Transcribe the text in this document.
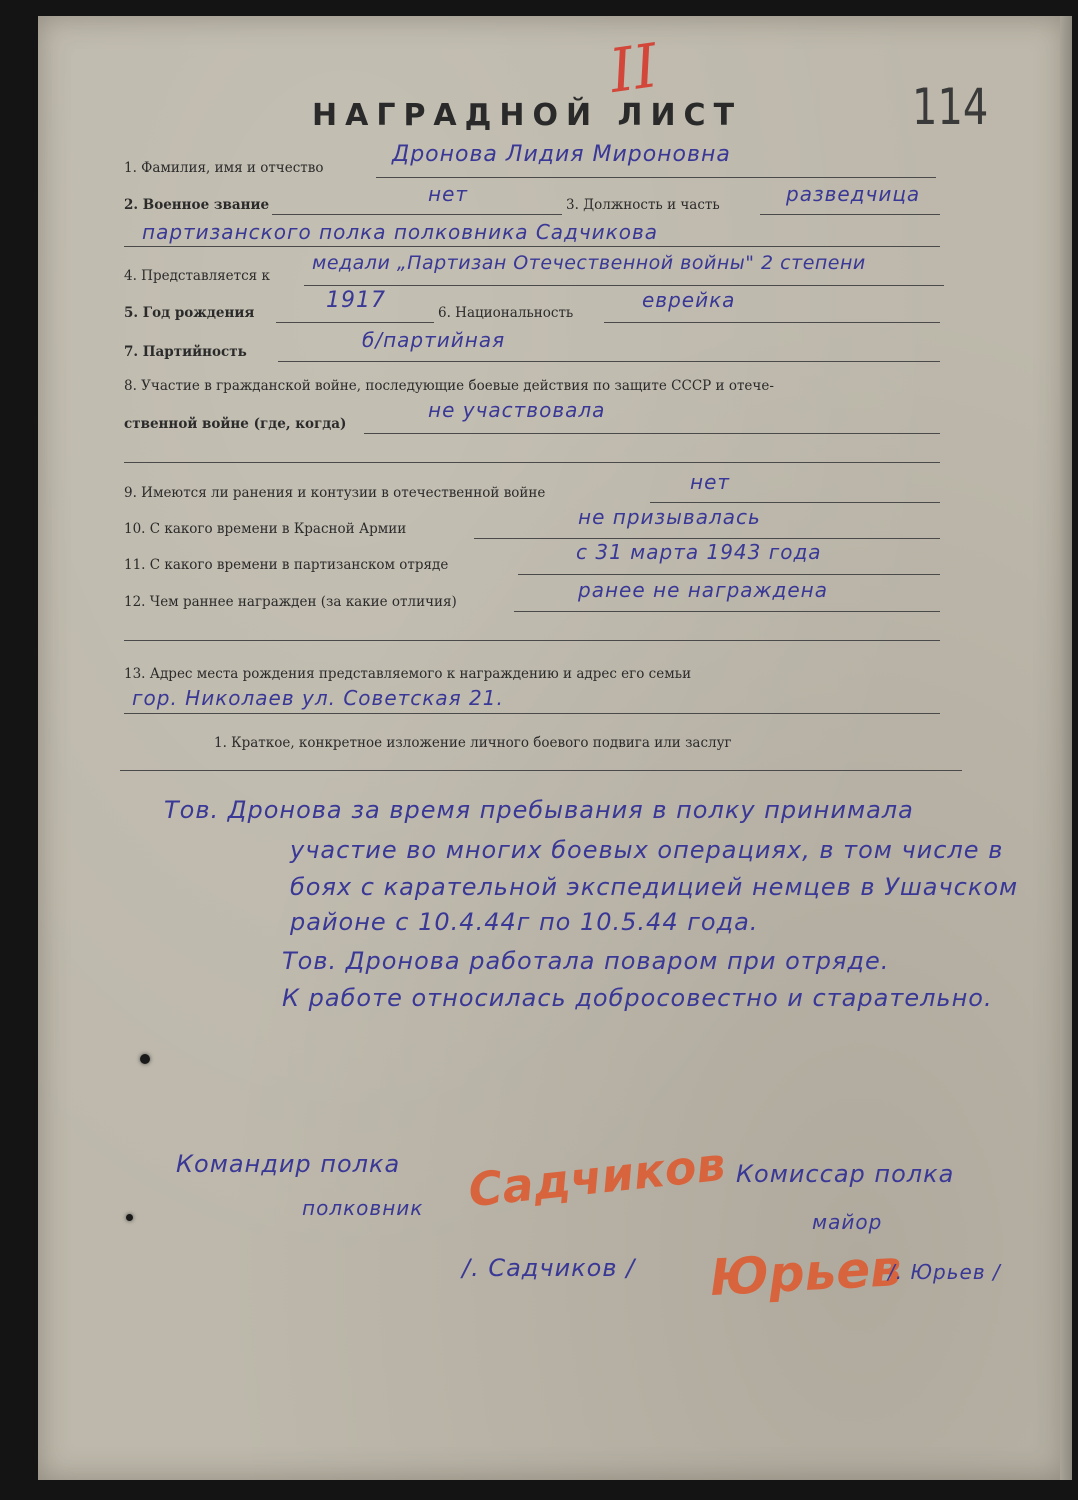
II
114
НАГРАДНОЙ ЛИСТ
1. Фамилия, имя и отчество
Дронова Лидия Мироновна
2. Военное звание	нет	3. Должность и часть	разведчица
партизанского полка полковника Садчикова
4. Представляется к
медали „Партизан Отечественной войны" 2 степени
5. Год рождения	1917	6. Национальность
еврейка
7. Партийность	б/партийная
8. Участие в гражданской войне, последующие боевые действия по защите СССР и отече-
ственной войне (где, когда)
не участвовала
9. Имеются ли ранения и контузии в отечественной войне	нет
10. С какого времени в Красной Армии	не призывалась
11. С какого времени в партизанском отряде
с 31 марта 1943 года
12. Чем раннее награжден (за какие отличия)	ранее не награждена
13. Адрес места рождения представляемого к награждению и адрес его семьи
гор. Николаев ул. Советская 21.
1. Краткое, конкретное изложение личного боевого подвига или заслуг
Тов. Дронова за время пребывания в полку принимала
участие во многих боевых операциях, в том числе в
боях с карательной экспедицией немцев в Ушачском
районе с 10.4.44г по 10.5.44 года.
Тов. Дронова работала поваром при отряде.
К работе относилась добросовестно и старательно.
Командир полка
полковник Садчиков
/. Садчиков /
Комиссар полка
майор
Юрьев
/. Юрьев /
